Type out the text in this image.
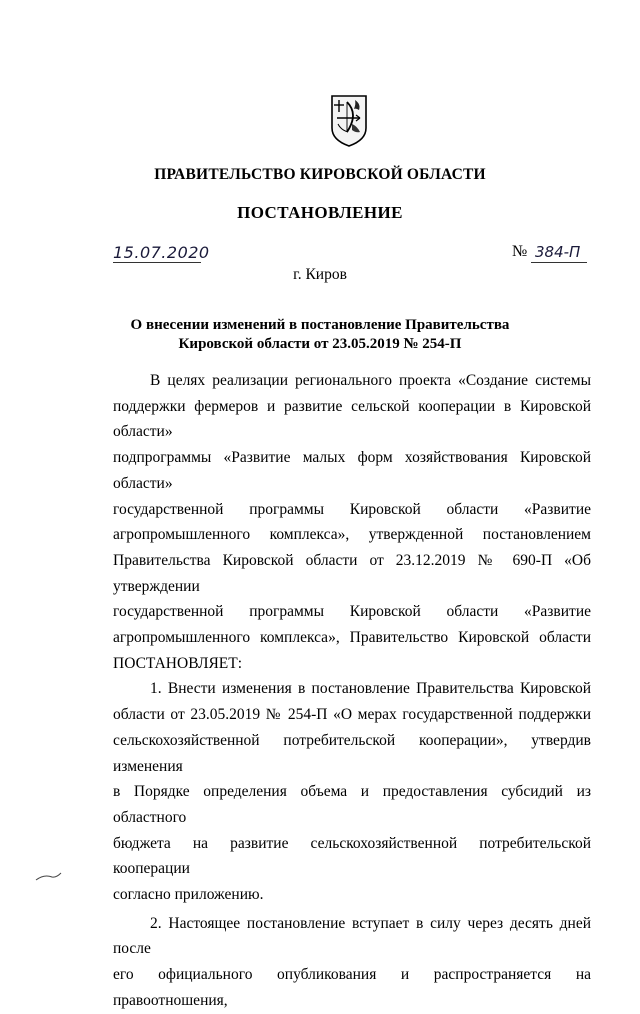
ПРАВИТЕЛЬСТВО КИРОВСКОЙ ОБЛАСТИ
ПОСТАНОВЛЕНИЕ
15.07.2020	№ 384-П
г. Киров
О внесении изменений в постановление Правительства
Кировской области от 23.05.2019 № 254-П

В целях реализации регионального проекта «Создание системы

поддержки фермеров и развитие сельской кооперации в Кировской области»

подпрограммы «Развитие малых форм хозяйствования Кировской области»

государственной программы Кировской области «Развитие

агропромышленного комплекса», утвержденной постановлением

Правительства Кировской области от 23.12.2019 № 690-П «Об утверждении

государственной программы Кировской области «Развитие

агропромышленного комплекса», Правительство Кировской области

ПОСТАНОВЛЯЕТ:

1. Внести изменения в постановление Правительства Кировской

области от 23.05.2019 № 254-П «О мерах государственной поддержки

сельскохозяйственной потребительской кооперации», утвердив изменения

в Порядке определения объема и предоставления субсидий из областного

бюджета на развитие сельскохозяйственной потребительской кооперации

согласно приложению.

2. Настоящее постановление вступает в силу через десять дней после

его официального опубликования и распространяется на правоотношения,
